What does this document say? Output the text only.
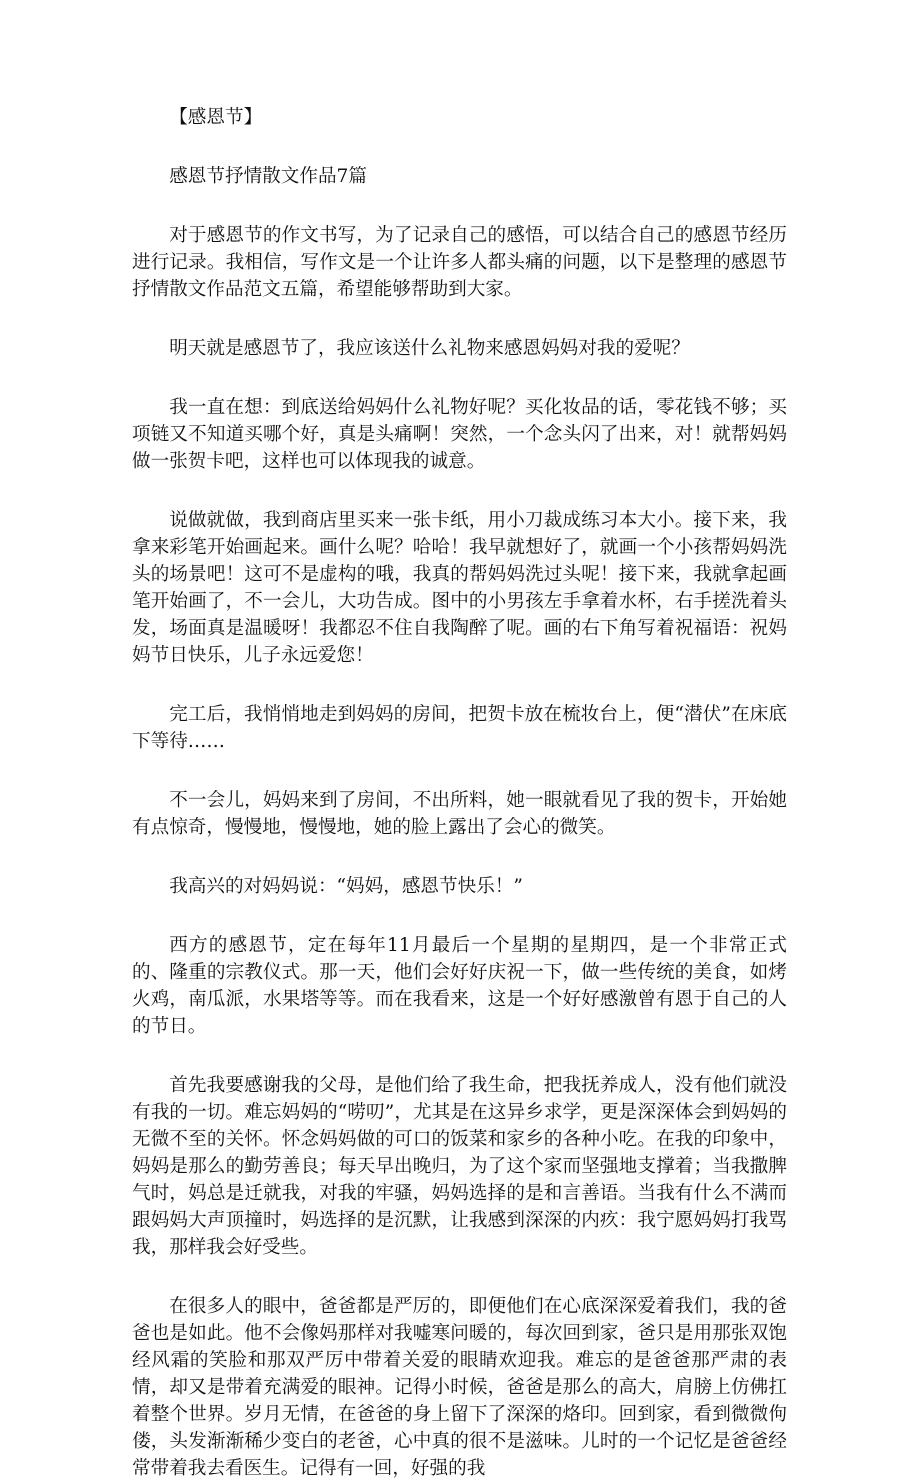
【感恩节】

感恩节抒情散文作品7篇

对于感恩节的作文书写，为了记录自己的感悟，可以结合自己的感恩节经历进行记录。我相信，写作文是一个让许多人都头痛的问题，以下是整理的感恩节抒情散文作品范文五篇，希望能够帮助到大家。

明天就是感恩节了，我应该送什么礼物来感恩妈妈对我的爱呢？

我一直在想：到底送给妈妈什么礼物好呢？买化妆品的话，零花钱不够；买项链又不知道买哪个好，真是头痛啊！突然，一个念头闪了出来，对！就帮妈妈做一张贺卡吧，这样也可以体现我的诚意。

说做就做，我到商店里买来一张卡纸，用小刀裁成练习本大小。接下来，我拿来彩笔开始画起来。画什么呢？哈哈！我早就想好了，就画一个小孩帮妈妈洗头的场景吧！这可不是虚构的哦，我真的帮妈妈洗过头呢！接下来，我就拿起画笔开始画了，不一会儿，大功告成。图中的小男孩左手拿着水杯，右手搓洗着头发，场面真是温暖呀！我都忍不住自我陶醉了呢。画的右下角写着祝福语：祝妈妈节日快乐，儿子永远爱您！

完工后，我悄悄地走到妈妈的房间，把贺卡放在梳妆台上，便“潜伏”在床底下等待……

不一会儿，妈妈来到了房间，不出所料，她一眼就看见了我的贺卡，开始她有点惊奇，慢慢地，慢慢地，她的脸上露出了会心的微笑。

我高兴的对妈妈说：“妈妈，感恩节快乐！”

西方的感恩节，定在每年11月最后一个星期的星期四，是一个非常正式的、隆重的宗教仪式。那一天，他们会好好庆祝一下，做一些传统的美食，如烤火鸡，南瓜派，水果塔等等。而在我看来，这是一个好好感激曾有恩于自己的人的节日。

首先我要感谢我的父母，是他们给了我生命，把我抚养成人，没有他们就没有我的一切。难忘妈妈的“唠叨”，尤其是在这异乡求学，更是深深体会到妈妈的无微不至的关怀。怀念妈妈做的可口的饭菜和家乡的各种小吃。在我的印象中，妈妈是那么的勤劳善良；每天早出晚归，为了这个家而坚强地支撑着；当我撒脾气时，妈总是迁就我，对我的牢骚，妈妈选择的是和言善语。当我有什么不满而跟妈妈大声顶撞时，妈选择的是沉默，让我感到深深的内疚：我宁愿妈妈打我骂我，那样我会好受些。

在很多人的眼中，爸爸都是严厉的，即便他们在心底深深爱着我们，我的爸爸也是如此。他不会像妈那样对我嘘寒问暖的，每次回到家，爸只是用那张双饱经风霜的笑脸和那双严厉中带着关爱的眼睛欢迎我。难忘的是爸爸那严肃的表情，却又是带着充满爱的眼神。记得小时候，爸爸是那么的高大，肩膀上仿佛扛着整个世界。岁月无情，在爸爸的身上留下了深深的烙印。回到家，看到微微佝偻，头发渐渐稀少变白的老爸，心中真的很不是滋味。儿时的一个记忆是爸爸经常带着我去看医生。记得有一回，好强的我
